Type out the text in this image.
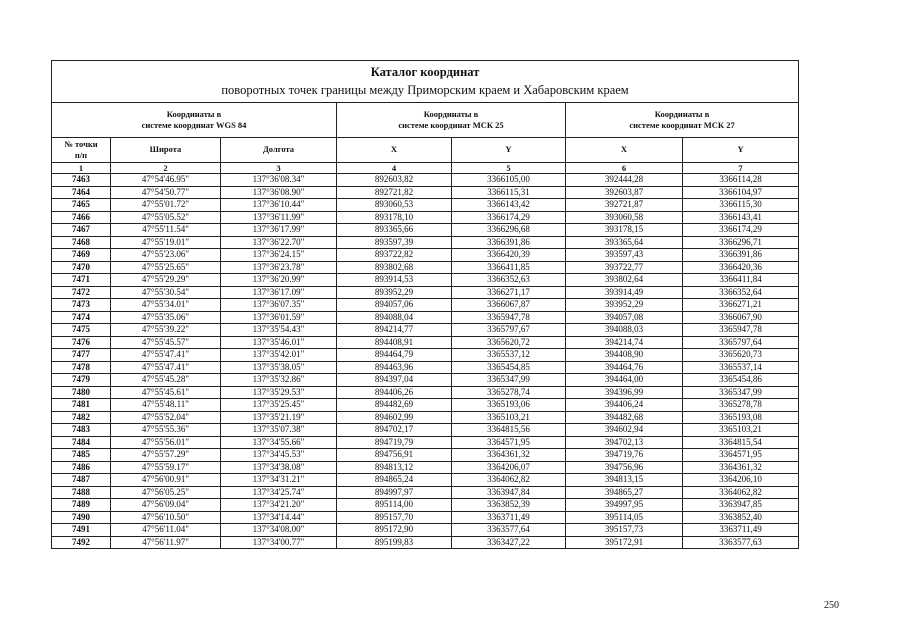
Каталог координат						
поворотных точек границы между Приморским краем и Хабаровским краем						
Координаты в
системе координат WGS 84			Координаты в
системе координат МСК 25		Координаты в
системе координат МСК 27	
№ точки
п/п	Широта	Долгота	X	Y	X	Y
1	2	3	4	5	6	7
7463	47°54'46.95"	137°36'08.34"	892603,82	3366105,00	392444,28	3366114,28
7464	47°54'50.77"	137°36'08.90"	892721,82	3366115,31	392603,87	3366104,97
7465	47°55'01.72"	137°36'10.44"	893060,53	3366143,42	392721,87	3366115,30
7466	47°55'05.52"	137°36'11.99"	893178,10	3366174,29	393060,58	3366143,41
7467	47°55'11.54"	137°36'17.99"	893365,66	3366296,68	393178,15	3366174,29
7468	47°55'19.01"	137°36'22.70"	893597,39	3366391,86	393365,64	3366296,71
7469	47°55'23.06"	137°36'24.15"	893722,82	3366420,39	393597,43	3366391,86
7470	47°55'25.65"	137°36'23.78"	893802,68	3366411,85	393722,77	3366420,36
7471	47°55'29.29"	137°36'20.99"	893914,53	3366352,63	393802,64	3366411,84
7472	47°55'30.54"	137°36'17.09"	893952,29	3366271,17	393914,49	3366352,64
7473	47°55'34.01"	137°36'07.35"	894057,06	3366067,87	393952,29	3366271,21
7474	47°55'35.06"	137°36'01.59"	894088,04	3365947,78	394057,08	3366067,90
7475	47°55'39.22"	137°35'54.43"	894214,77	3365797,67	394088,03	3365947,78
7476	47°55'45.57"	137°35'46.01"	894408,91	3365620,72	394214,74	3365797,64
7477	47°55'47.41"	137°35'42.01"	894464,79	3365537,12	394408,90	3365620,73
7478	47°55'47.41"	137°35'38.05"	894463,96	3365454,85	394464,76	3365537,14
7479	47°55'45.28"	137°35'32.86"	894397,04	3365347,99	394464,00	3365454,86
7480	47°55'45.61"	137°35'29.53"	894406,26	3365278,74	394396,99	3365347,99
7481	47°55'48.11"	137°35'25.45"	894482,69	3365193,06	394406,24	3365278,78
7482	47°55'52.04"	137°35'21.19"	894602,99	3365103,21	394482,68	3365193,08
7483	47°55'55.36"	137°35'07.38"	894702,17	3364815,56	394602,94	3365103,21
7484	47°55'56.01"	137°34'55.66"	894719,79	3364571,95	394702,13	3364815,54
7485	47°55'57.29"	137°34'45.53"	894756,91	3364361,32	394719,76	3364571,95
7486	47°55'59.17"	137°34'38.08"	894813,12	3364206,07	394756,96	3364361,32
7487	47°56'00.91"	137°34'31.21"	894865,24	3364062,82	394813,15	3364206,10
7488	47°56'05.25"	137°34'25.74"	894997,97	3363947,84	394865,27	3364062,82
7489	47°56'09.04"	137°34'21.20"	895114,00	3363852,39	394997,95	3363947,85
7490	47°56'10.50"	137°34'14.44"	895157,70	3363711,49	395114,05	3363852,40
7491	47°56'11.04"	137°34'08.00"	895172,90	3363577,64	395157,73	3363711,49
7492	47°56'11.97"	137°34'00.77"	895199,83	3363427,22	395172,91	3363577,63
250
